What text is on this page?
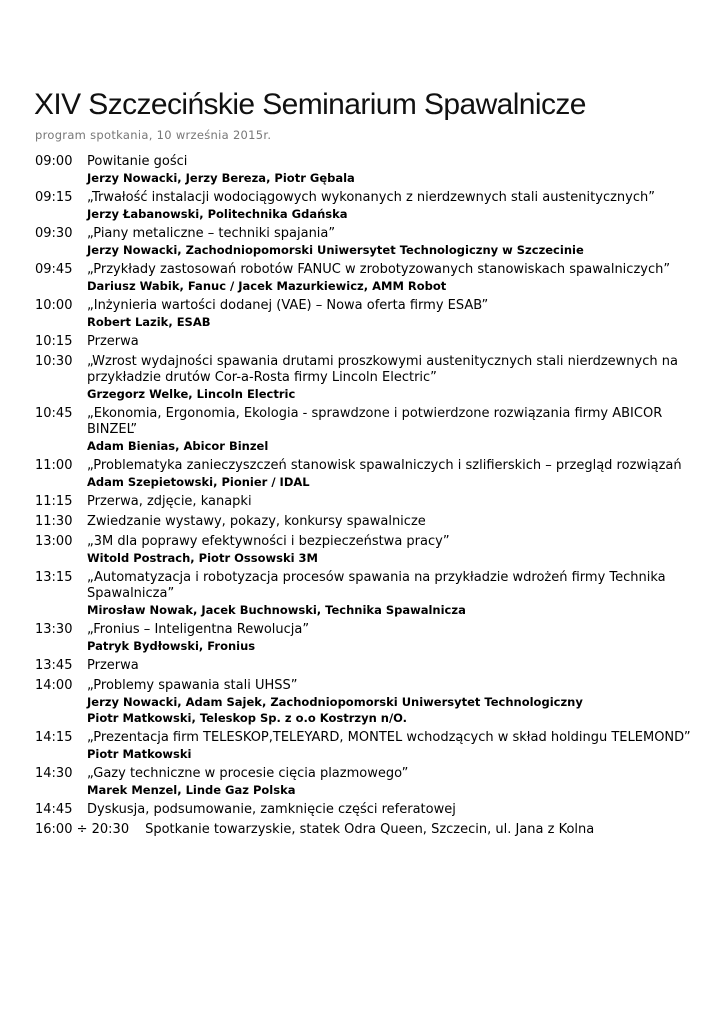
XIV Szczecińskie Seminarium Spawalnicze
program spotkania, 10 września 2015r.
09:00	Powitanie gości
Jerzy Nowacki, Jerzy Bereza, Piotr Gębala
09:15	„Trwałość instalacji wodociągowych wykonanych z nierdzewnych stali austenitycznych”
Jerzy Łabanowski, Politechnika Gdańska
09:30	„Piany metaliczne – techniki spajania”
Jerzy Nowacki, Zachodniopomorski Uniwersytet Technologiczny w Szczecinie
09:45	„Przykłady zastosowań robotów FANUC w zrobotyzowanych stanowiskach spawalniczych”
Dariusz Wabik, Fanuc / Jacek Mazurkiewicz, AMM Robot
10:00	„Inżynieria wartości dodanej (VAE) – Nowa oferta firmy ESAB”
Robert Lazik, ESAB
10:15	Przerwa
10:30	„Wzrost wydajności spawania drutami proszkowymi austenitycznych stali nierdzewnych na przykładzie drutów Cor-a-Rosta firmy Lincoln Electric”
Grzegorz Welke, Lincoln Electric
10:45	„Ekonomia, Ergonomia, Ekologia - sprawdzone i potwierdzone rozwiązania firmy ABICOR BINZEL”
Adam Bienias, Abicor Binzel
11:00	„Problematyka zanieczyszczeń stanowisk spawalniczych i szlifierskich – przegląd rozwiązań
Adam Szepietowski, Pionier / IDAL
11:15	Przerwa, zdjęcie, kanapki
11:30	Zwiedzanie wystawy, pokazy, konkursy spawalnicze
13:00	„3M dla poprawy efektywności i bezpieczeństwa pracy”
Witold Postrach, Piotr Ossowski 3M
13:15	„Automatyzacja i robotyzacja procesów spawania na przykładzie wdrożeń firmy Technika Spawalnicza”
Mirosław Nowak, Jacek Buchnowski, Technika Spawalnicza
13:30	„Fronius – Inteligentna Rewolucja”
Patryk Bydłowski, Fronius
13:45	Przerwa
14:00	„Problemy spawania stali UHSS”
Jerzy Nowacki, Adam Sajek, Zachodniopomorski Uniwersytet Technologiczny
Piotr Matkowski, Teleskop Sp. z o.o Kostrzyn n/O.
14:15	„Prezentacja firm TELESKOP,TELEYARD, MONTEL wchodzących w skład holdingu TELEMOND”
Piotr Matkowski
14:30	„Gazy techniczne w procesie cięcia plazmowego”
Marek Menzel, Linde Gaz Polska
14:45	Dyskusja, podsumowanie, zamknięcie części referatowej
16:00 ÷ 20:30 Spotkanie towarzyskie, statek Odra Queen, Szczecin, ul. Jana z Kolna
